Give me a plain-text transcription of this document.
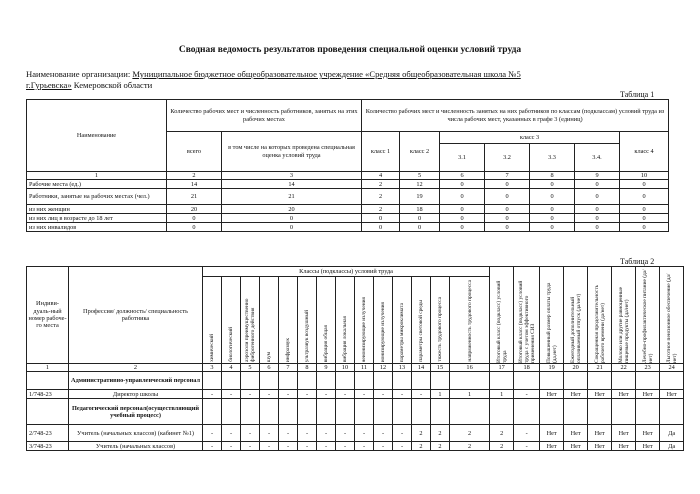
Сводная ведомость результатов проведения специальной оценки условий труда
Наименование организации: Муниципальное бюджетное общеобразовательное учреждение «Средняя общеобразовательная школа №5
г.Гурьевска» Кемеровской области
Таблица 1
Наименование	Количество рабочих мест и численность работников, занятых на этих рабочих местах		Количество рабочих мест и численность занятых на них работников по классам (подклассам) условий труда из числа рабочих мест, указанных в графе 3 (единиц)						
	всего	в том числе на которых проведена специальная оценка условий труда	класс 1	класс 2	класс 3				класс 4
					3.1	3.2	3.3	3.4.	
1	2	3	4	5	6	7	8	9	10
Рабочие места (ед.)	14	14	2	12	0	0	0	0	0
Работники, занятые на рабочих местах (чел.)	21	21	2	19	0	0	0	0	0
из них женщин	20	20	2	18	0	0	0	0	0
из них лиц в возрасте до 18 лет	0	0	0	0	0	0	0	0	0
из них инвалидов	0	0	0	0	0	0	0	0	0
Таблица 2
Индиви-дуаль-ный номер рабоче-го места	Профессия/ должность/ специальность работника	Классы (подклассы) условий труда														Итоговый класс (подкласс) условий труда	Итоговый класс (подкласс) условий труда с учетом эффективного применения СИЗ	Повышенный размер оплаты труда (да,нет)	Ежегодный дополнительный оплачиваемый отпуск (да/нет)	Сокращенная продолжительность рабочего времени (да/нет)	Молоко или другие равноценные пищевые продукты (да/нет)	Лечебно-профилактическое питание (да/нет)	Льготное пенсионное обеспечение (да/нет)

		химический	биологический	аэрозоли преимущественно фиброгенного действия	шум	инфразвук	ультразвук воздушный	вибрация общая	вибрация локальная	неионизирующие излучения	ионизирующие излучения	параметры микроклимата	параметры световой среды	тяжесть трудового процесса	напряженность трудового процесса								

1	2	3	4	5	6	7	8	9	10	11	12	13	14	15	16	17	18	19	20	21	22	23	24
	Административно-управленческий персонал																						
1/748-23	Директор школы	-	-	-	-	-	-	-	-	-	-	-	-	1	1	1	-	Нет	Нет	Нет	Нет	Нет	Нет
	Педагогический персонал(осуществляющий учебный процесс)																						
2/748-23	Учитель (начальных классов) (кабинет №1)	-	-	-	-	-	-	-	-	-	-	-	2	2	2	2	-	Нет	Нет	Нет	Нет	Нет	Да
3/748-23	Учитель (начальных классов)	-	-	-	-	-	-	-	-	-	-	-	2	2	2	2	-	Нет	Нет	Нет	Нет	Нет	Да
